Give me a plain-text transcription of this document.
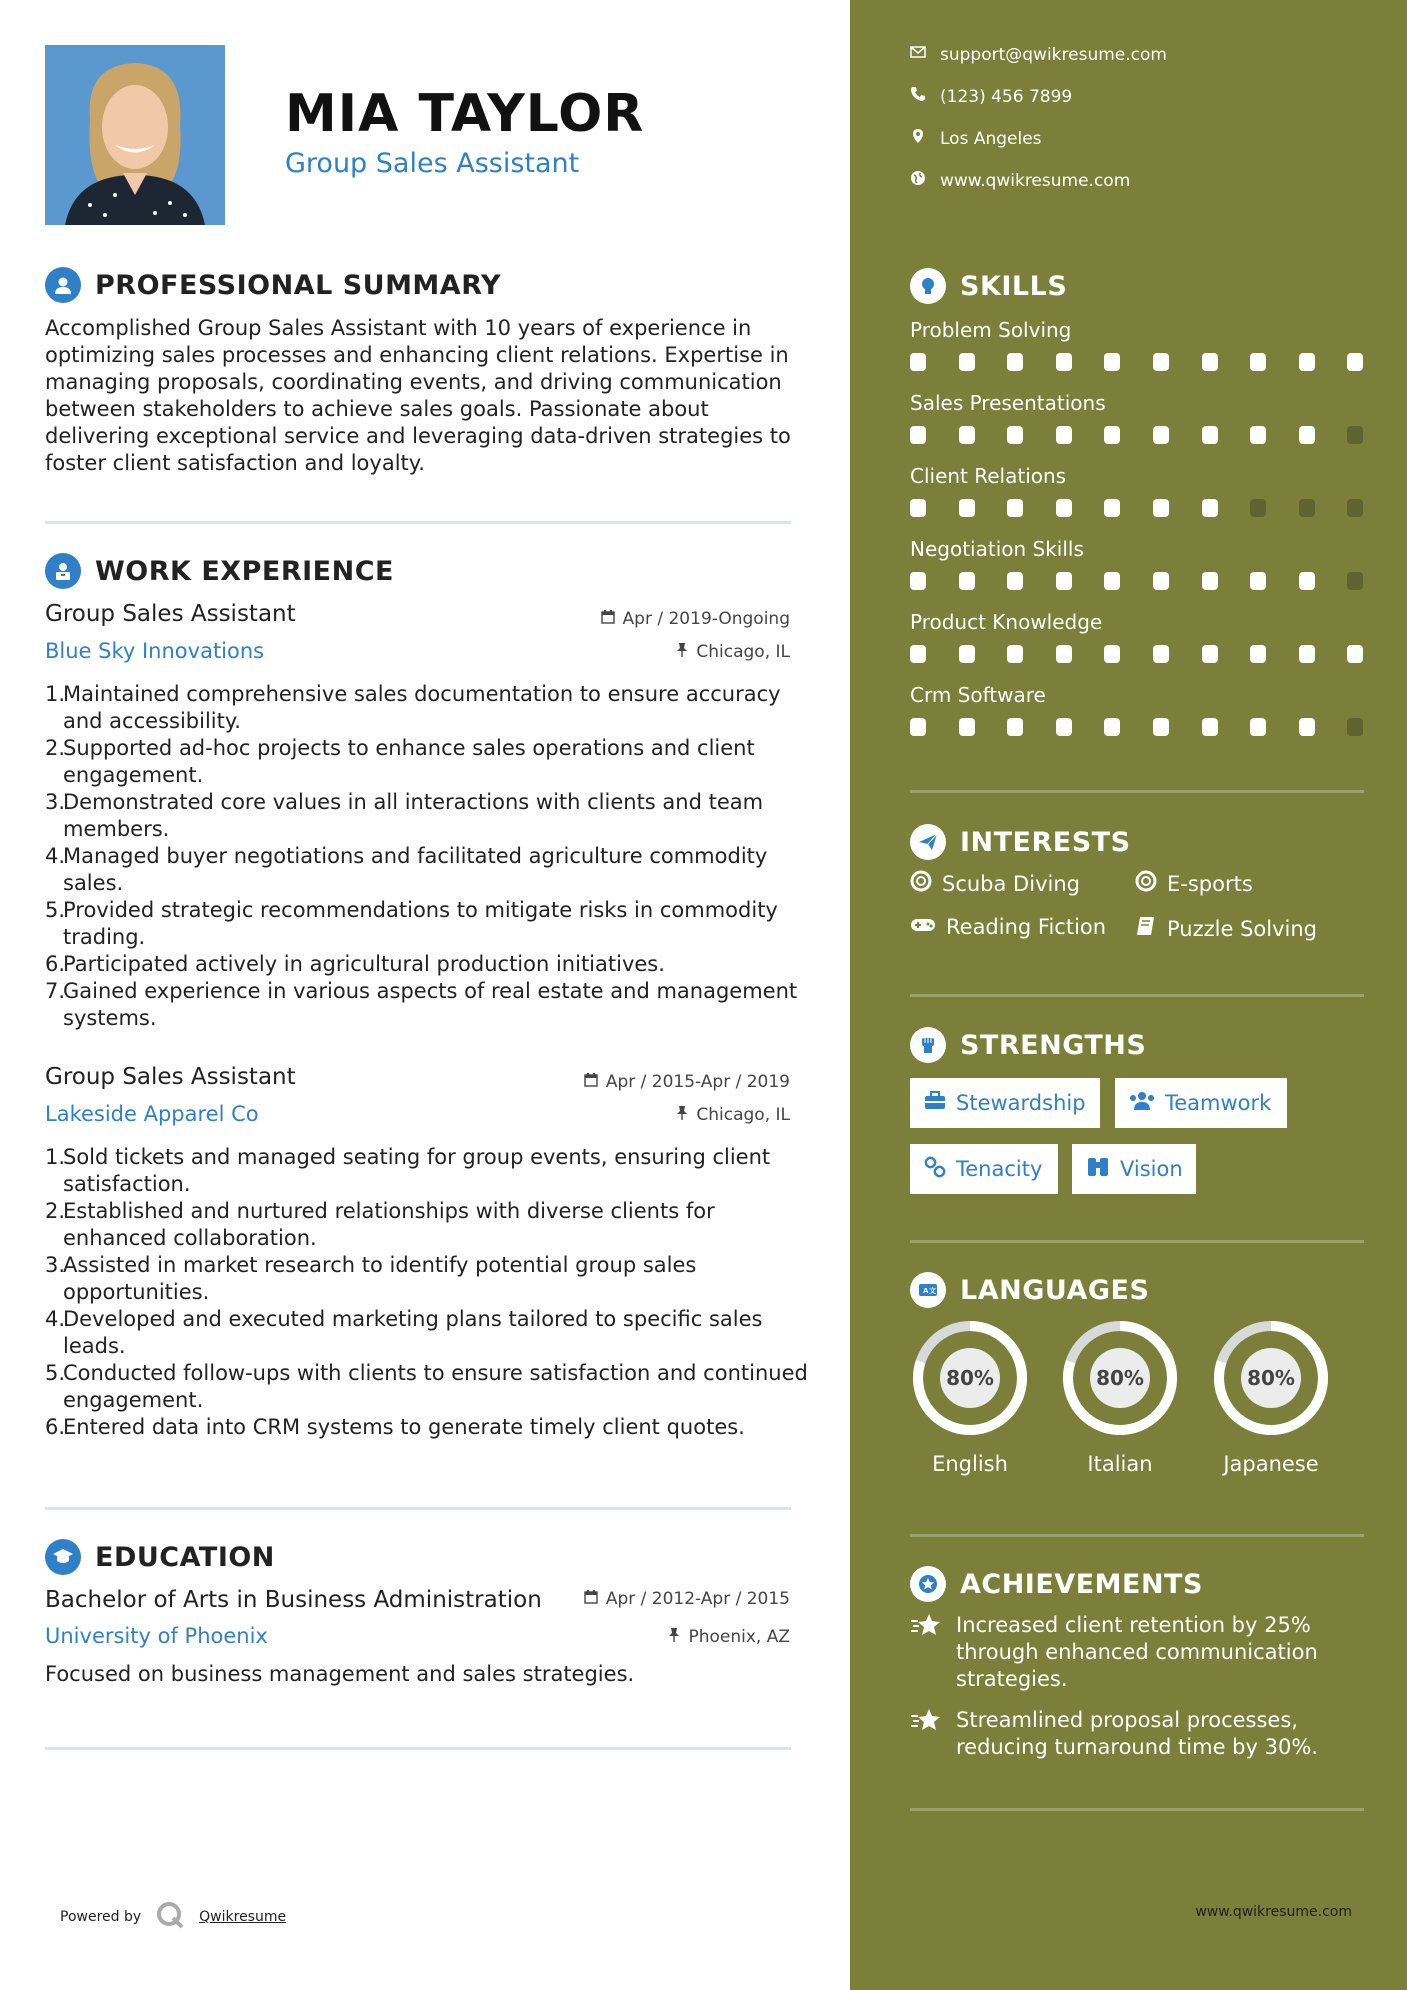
MIA TAYLOR
Group Sales Assistant
PROFESSIONAL SUMMARY
Accomplished Group Sales Assistant with 10 years of experience in optimizing sales processes and enhancing client relations. Expertise in managing proposals, coordinating events, and driving communication between stakeholders to achieve sales goals. Passionate about delivering exceptional service and leveraging data-driven strategies to foster client satisfaction and loyalty.
WORK EXPERIENCE
Group Sales Assistant	Apr / 2019-Ongoing
Blue Sky Innovations	Chicago, IL
1.
Maintained comprehensive sales documentation to ensure accuracy and accessibility.
2.
Supported ad-hoc projects to enhance sales operations and client engagement.
3.
Demonstrated core values in all interactions with clients and team members.
4.
Managed buyer negotiations and facilitated agriculture commodity sales.
5.
Provided strategic recommendations to mitigate risks in commodity trading.
6.
Participated actively in agricultural production initiatives.
7.
Gained experience in various aspects of real estate and management systems.
Group Sales Assistant	Apr / 2015-Apr / 2019
Lakeside Apparel Co	Chicago, IL
1.
Sold tickets and managed seating for group events, ensuring client satisfaction.
2.
Established and nurtured relationships with diverse clients for enhanced collaboration.
3.
Assisted in market research to identify potential group sales opportunities.
4.
Developed and executed marketing plans tailored to specific sales leads.
5.
Conducted follow-ups with clients to ensure satisfaction and continued engagement.
6.
Entered data into CRM systems to generate timely client quotes.
EDUCATION
Bachelor of Arts in Business Administration	Apr / 2012-Apr / 2015
University of Phoenix	Phoenix, AZ
Focused on business management and sales strategies.
Powered by	Qwikresume
support@qwikresume.com
(123) 456 7899
Los Angeles
www.qwikresume.com
SKILLS
Problem Solving
Sales Presentations
Client Relations
Negotiation Skills
Product Knowledge
Crm Software
INTERESTS
Scuba Diving	E-sports
Reading Fiction	Puzzle Solving
STRENGTHS
Stewardship	Teamwork
Tenacity	Vision
A 文 LANGUAGES
80%
English
80%
Italian
80%
Japanese
ACHIEVEMENTS
Increased client retention by 25% through enhanced communication strategies.
Streamlined proposal processes, reducing turnaround time by 30%.
www.qwikresume.com
